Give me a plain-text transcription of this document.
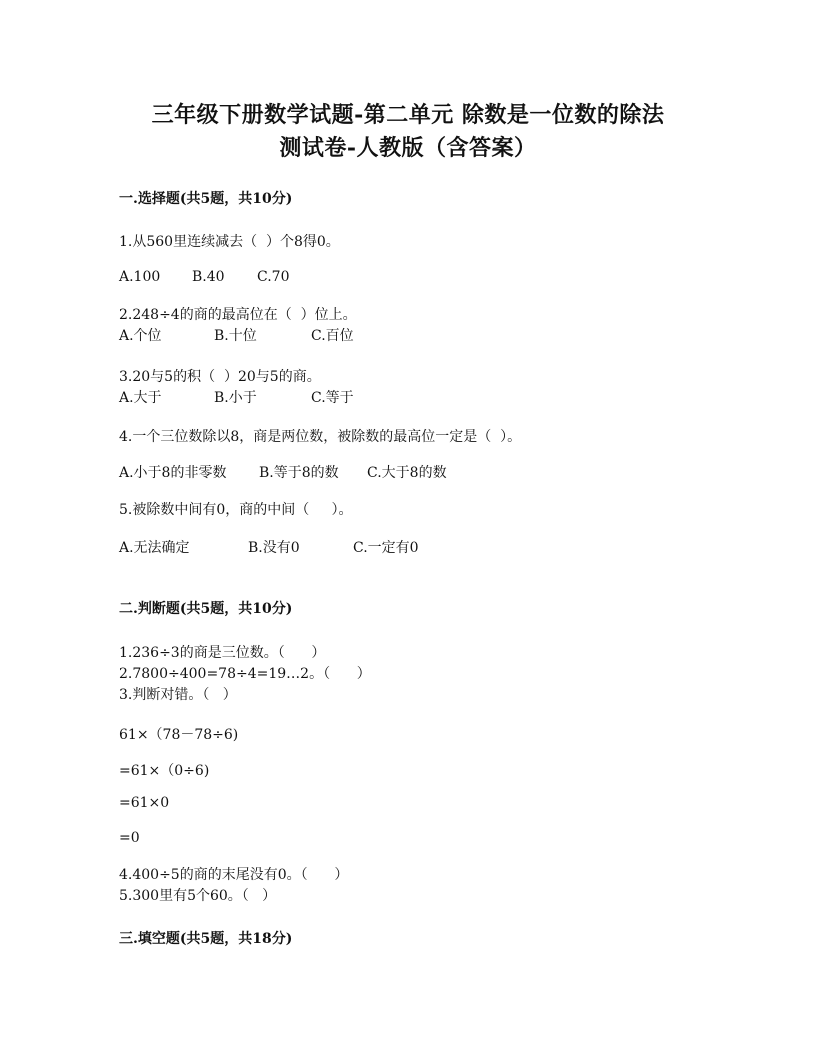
三年级下册数学试题-第二单元 除数是一位数的除法
测试卷-人教版（含答案）
一.选择题(共5题，共10分)
1.从560里连续减去（  ）个8得0。
A.100 B.40 C.70
2.248÷4的商的最高位在（  ）位上。
A.个位	B.十位	C.百位
3.20与5的积（  ）20与5的商。
A.大于	B.小于	C.等于
4.一个三位数除以8，商是两位数，被除数的最高位一定是（  ）。
A.小于8的非零数 B.等于8的数 C.大于8的数
5.被除数中间有0，商的中间（     ）。
A.无法确定	B.没有0	C.一定有0
二.判断题(共5题，共10分)
1.236÷3的商是三位数。（      ）
2.7800÷400=78÷4=19…2。（      ）
3.判断对错。（   ）
61×（78－78÷6)
=61×（0÷6)
=61×0
=0
4.400÷5的商的末尾没有0。（      ）
5.300里有5个60。（   ）
三.填空题(共5题，共18分)
